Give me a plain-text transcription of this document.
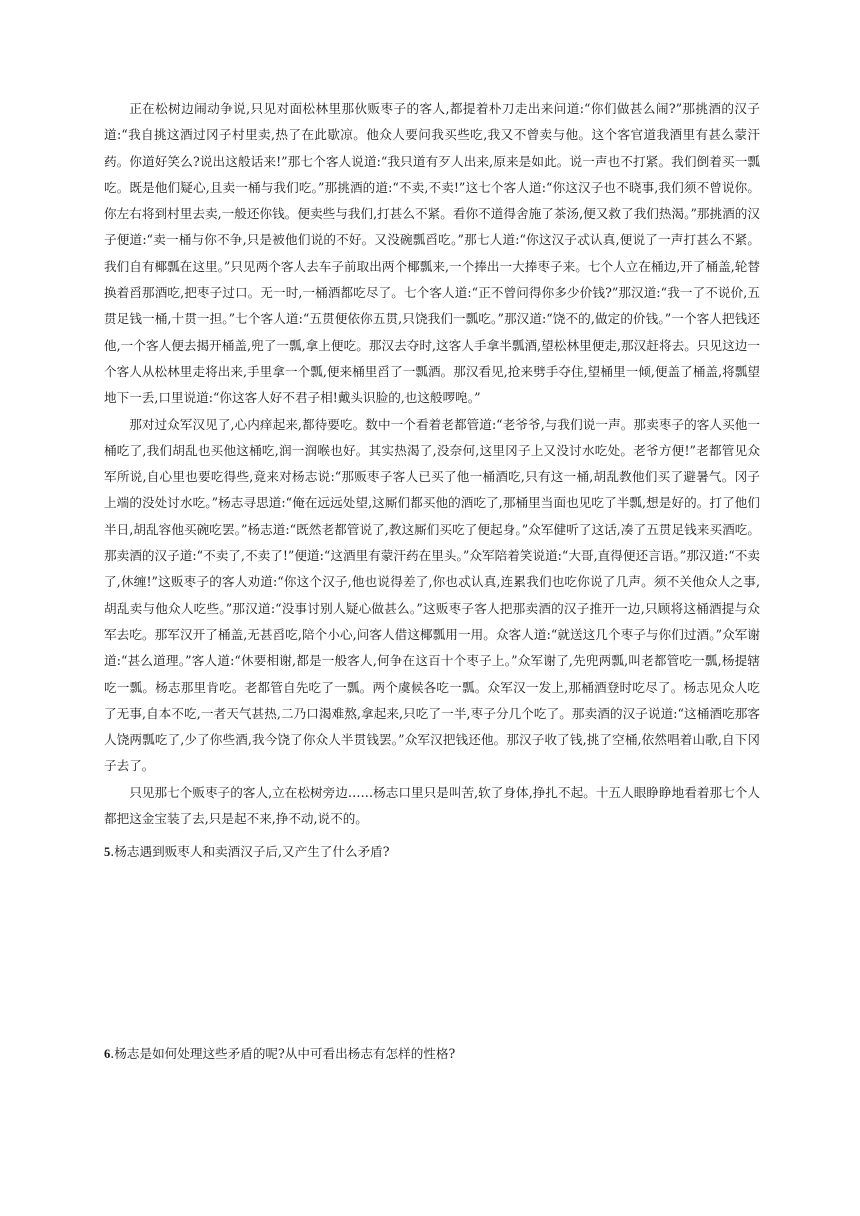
正在松树边闹动争说,只见对面松林里那伙贩枣子的客人,都提着朴刀走出来问道:“你们做甚么闹?”那挑酒的汉子道:“我自挑这酒过冈子村里卖,热了在此歇凉。他众人要问我买些吃,我又不曾卖与他。这个客官道我酒里有甚么蒙汗药。你道好笑么?说出这般话来!”那七个客人说道:“我只道有歹人出来,原来是如此。说一声也不打紧。我们倒着买一瓢吃。既是他们疑心,且卖一桶与我们吃。”那挑酒的道:“不卖,不卖!”这七个客人道:“你这汉子也不晓事,我们须不曾说你。你左右将到村里去卖,一般还你钱。便卖些与我们,打甚么不紧。看你不道得舍施了茶汤,便又救了我们热渴。”那挑酒的汉子便道:“卖一桶与你不争,只是被他们说的不好。又没碗瓢舀吃。”那七人道:“你这汉子忒认真,便说了一声打甚么不紧。我们自有椰瓢在这里。”只见两个客人去车子前取出两个椰瓢来,一个捧出一大捧枣子来。七个人立在桶边,开了桶盖,轮替换着舀那酒吃,把枣子过口。无一时,一桶酒都吃尽了。七个客人道:“正不曾问得你多少价钱?”那汉道:“我一了不说价,五贯足钱一桶,十贯一担。”七个客人道:“五贯便依你五贯,只饶我们一瓢吃。”那汉道:“饶不的,做定的价钱。”一个客人把钱还他,一个客人便去揭开桶盖,兜了一瓢,拿上便吃。那汉去夺时,这客人手拿半瓢酒,望松林里便走,那汉赶将去。只见这边一个客人从松林里走将出来,手里拿一个瓢,便来桶里舀了一瓢酒。那汉看见,抢来劈手夺住,望桶里一倾,便盖了桶盖,将瓢望地下一丢,口里说道:“你这客人好不君子相!戴头识脸的,也这般啰唣。”

那对过众军汉见了,心内痒起来,都待要吃。数中一个看着老都管道:“老爷爷,与我们说一声。那卖枣子的客人买他一桶吃了,我们胡乱也买他这桶吃,润一润喉也好。其实热渴了,没奈何,这里冈子上又没讨水吃处。老爷方便!”老都管见众军所说,自心里也要吃得些,竟来对杨志说:“那贩枣子客人已买了他一桶酒吃,只有这一桶,胡乱教他们买了避暑气。冈子上端的没处讨水吃。”杨志寻思道:“俺在远远处望,这厮们都买他的酒吃了,那桶里当面也见吃了半瓢,想是好的。打了他们半日,胡乱容他买碗吃罢。”杨志道:“既然老都管说了,教这厮们买吃了便起身。”众军健听了这话,凑了五贯足钱来买酒吃。那卖酒的汉子道:“不卖了,不卖了!”便道:“这酒里有蒙汗药在里头。”众军陪着笑说道:“大哥,直得便还言语。”那汉道:“不卖了,休缠!”这贩枣子的客人劝道:“你这个汉子,他也说得差了,你也忒认真,连累我们也吃你说了几声。须不关他众人之事,胡乱卖与他众人吃些。”那汉道:“没事讨别人疑心做甚么。”这贩枣子客人把那卖酒的汉子推开一边,只顾将这桶酒提与众军去吃。那军汉开了桶盖,无甚舀吃,陪个小心,问客人借这椰瓢用一用。众客人道:“就送这几个枣子与你们过酒。”众军谢道:“甚么道理。”客人道:“休要相谢,都是一般客人,何争在这百十个枣子上。”众军谢了,先兜两瓢,叫老都管吃一瓢,杨提辖吃一瓢。杨志那里肯吃。老都管自先吃了一瓢。两个虞候各吃一瓢。众军汉一发上,那桶酒登时吃尽了。杨志见众人吃了无事,自本不吃,一者天气甚热,二乃口渴难熬,拿起来,只吃了一半,枣子分几个吃了。那卖酒的汉子说道:“这桶酒吃那客人饶两瓢吃了,少了你些酒,我今饶了你众人半贯钱罢。”众军汉把钱还他。那汉子收了钱,挑了空桶,依然唱着山歌,自下冈子去了。

只见那七个贩枣子的客人,立在松树旁边……杨志口里只是叫苦,软了身体,挣扎不起。十五人眼睁睁地看着那七个人都把这金宝装了去,只是起不来,挣不动,说不的。

5.杨志遇到贩枣人和卖酒汉子后,又产生了什么矛盾?
6.杨志是如何处理这些矛盾的呢?从中可看出杨志有怎样的性格?
